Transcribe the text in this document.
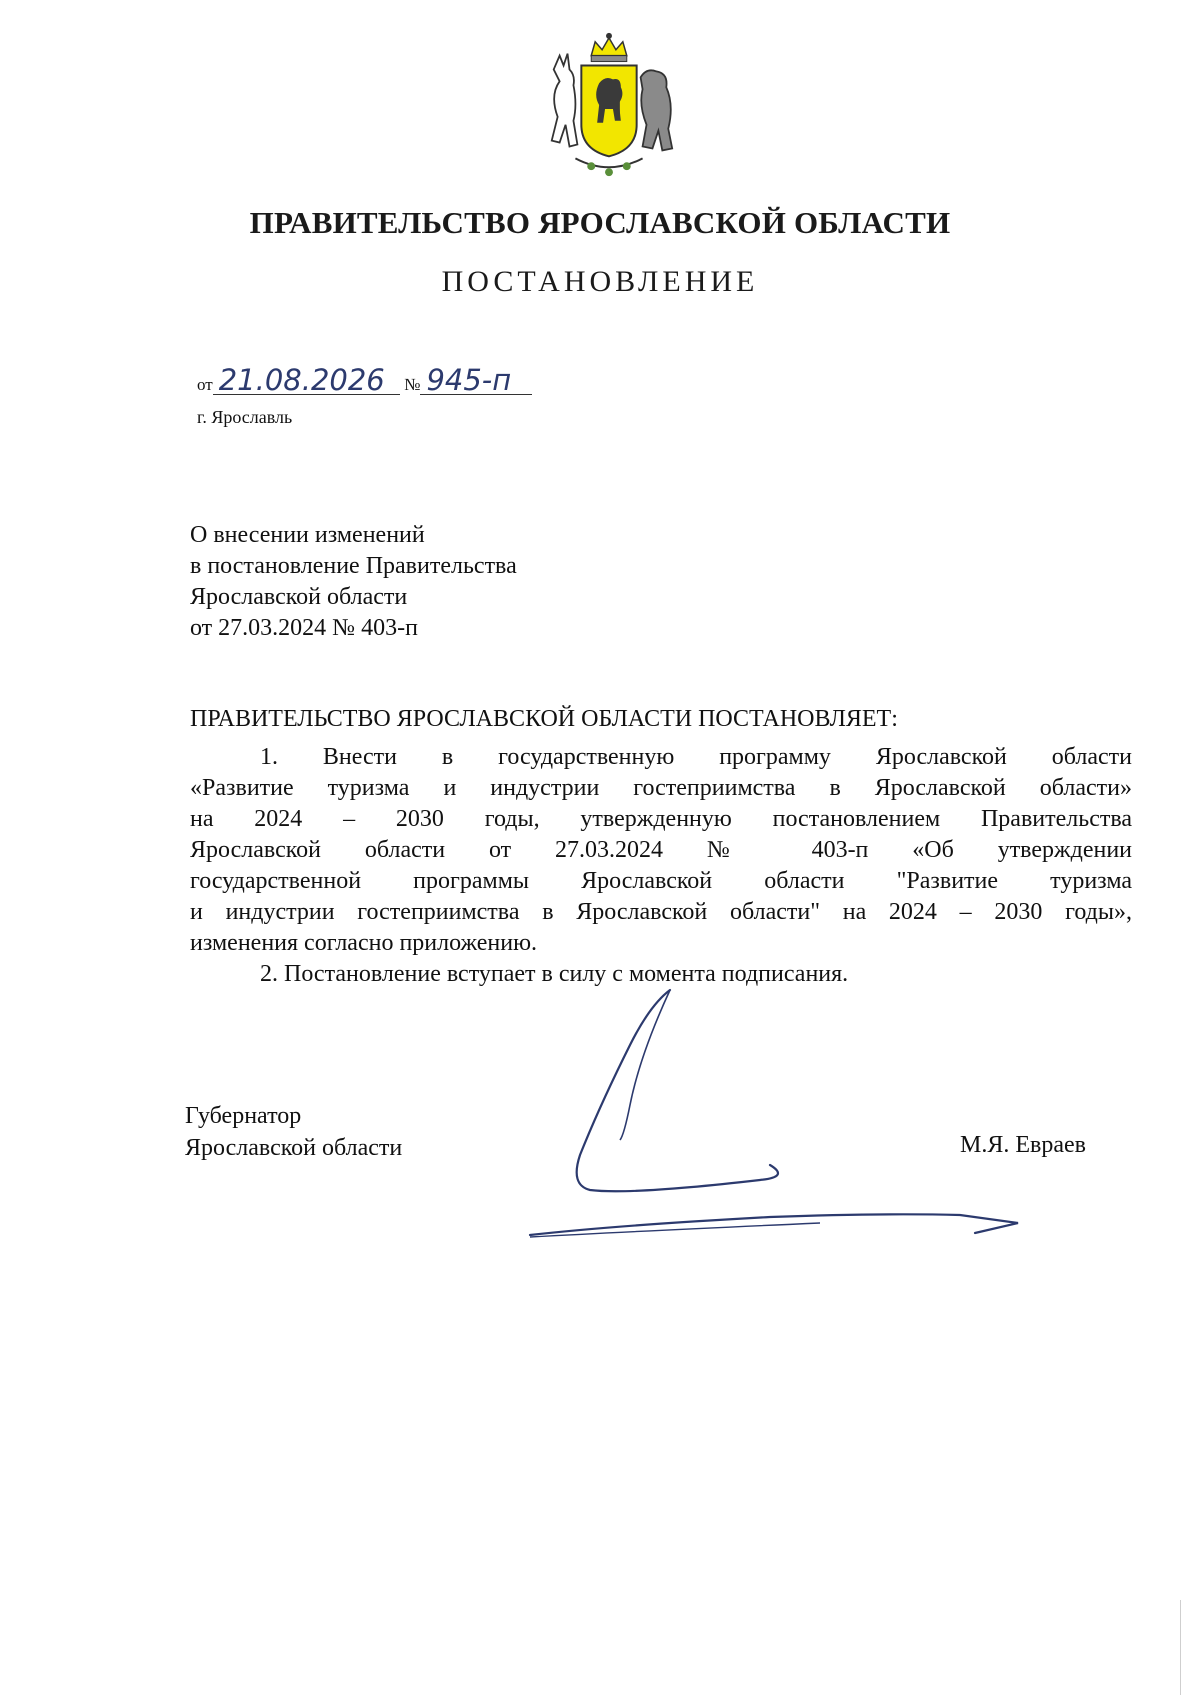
ПРАВИТЕЛЬСТВО ЯРОСЛАВСКОЙ ОБЛАСТИ
ПОСТАНОВЛЕНИЕ
от 21.08.2026 № 945-п
г. Ярославль
О внесении изменений
в постановление Правительства
Ярославской области
от 27.03.2024 № 403-п
ПРАВИТЕЛЬСТВО ЯРОСЛАВСКОЙ ОБЛАСТИ ПОСТАНОВЛЯЕТ:
1. Внести в государственную программу Ярославской области
«Развитие туризма и индустрии гостеприимства в Ярославской области»
на 2024 – 2030 годы, утвержденную постановлением Правительства
Ярославской области от 27.03.2024 № 403-п «Об утверждении
государственной программы Ярославской области "Развитие туризма
и индустрии гостеприимства в Ярославской области" на 2024 – 2030 годы»,
изменения согласно приложению.
2. Постановление вступает в силу с момента подписания.
Губернатор
Ярославской области	М.Я. Евраев
